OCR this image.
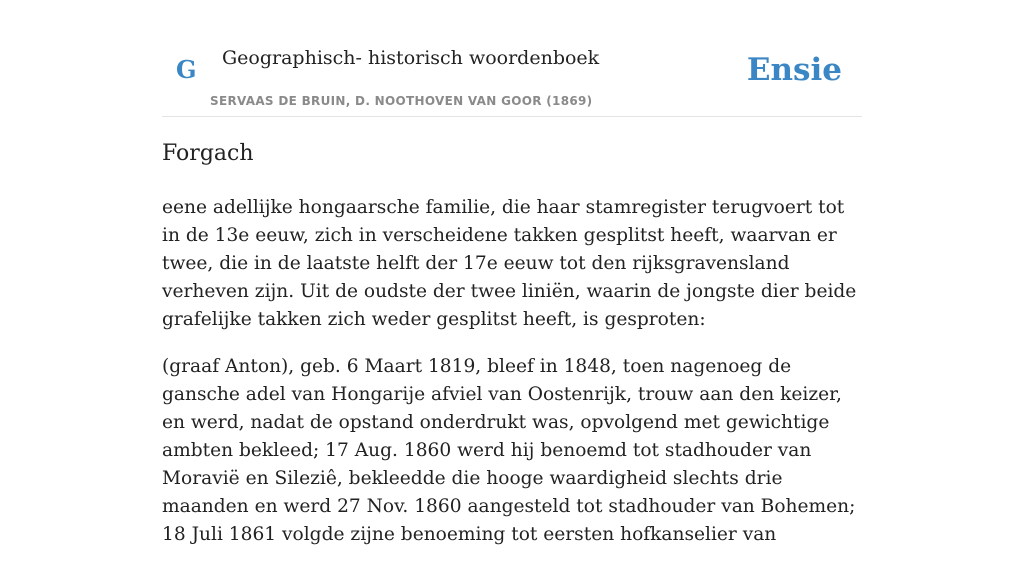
G Geographisch- historisch woordenboek
SERVAAS DE BRUIN, D. NOOTHOVEN VAN GOOR (1869)
Ensie
Forgach

eene adellijke hongaarsche familie, die haar stamregister terugvoert tot in de 13e eeuw, zich in verscheidene takken gesplitst heeft, waarvan er twee, die in de laatste helft der 17e eeuw tot den rijksgravensland verheven zijn. Uit de oudste der twee liniën, waarin de jongste dier beide grafelijke takken zich weder gesplitst heeft, is gesproten:

(graaf Anton), geb. 6 Maart 1819, bleef in 1848, toen nagenoeg de gansche adel van Hongarije afviel van Oostenrijk, trouw aan den keizer, en werd, nadat de opstand onderdrukt was, opvolgend met gewichtige ambten bekleed; 17 Aug. 1860 werd hij benoemd tot stadhouder van Moravië en Sileziê, bekleedde die hooge waardigheid slechts drie maanden en werd 27 Nov. 1860 aangesteld tot stadhouder van Bohemen; 18 Juli 1861 volgde zijne benoeming tot eersten hofkanselier van
